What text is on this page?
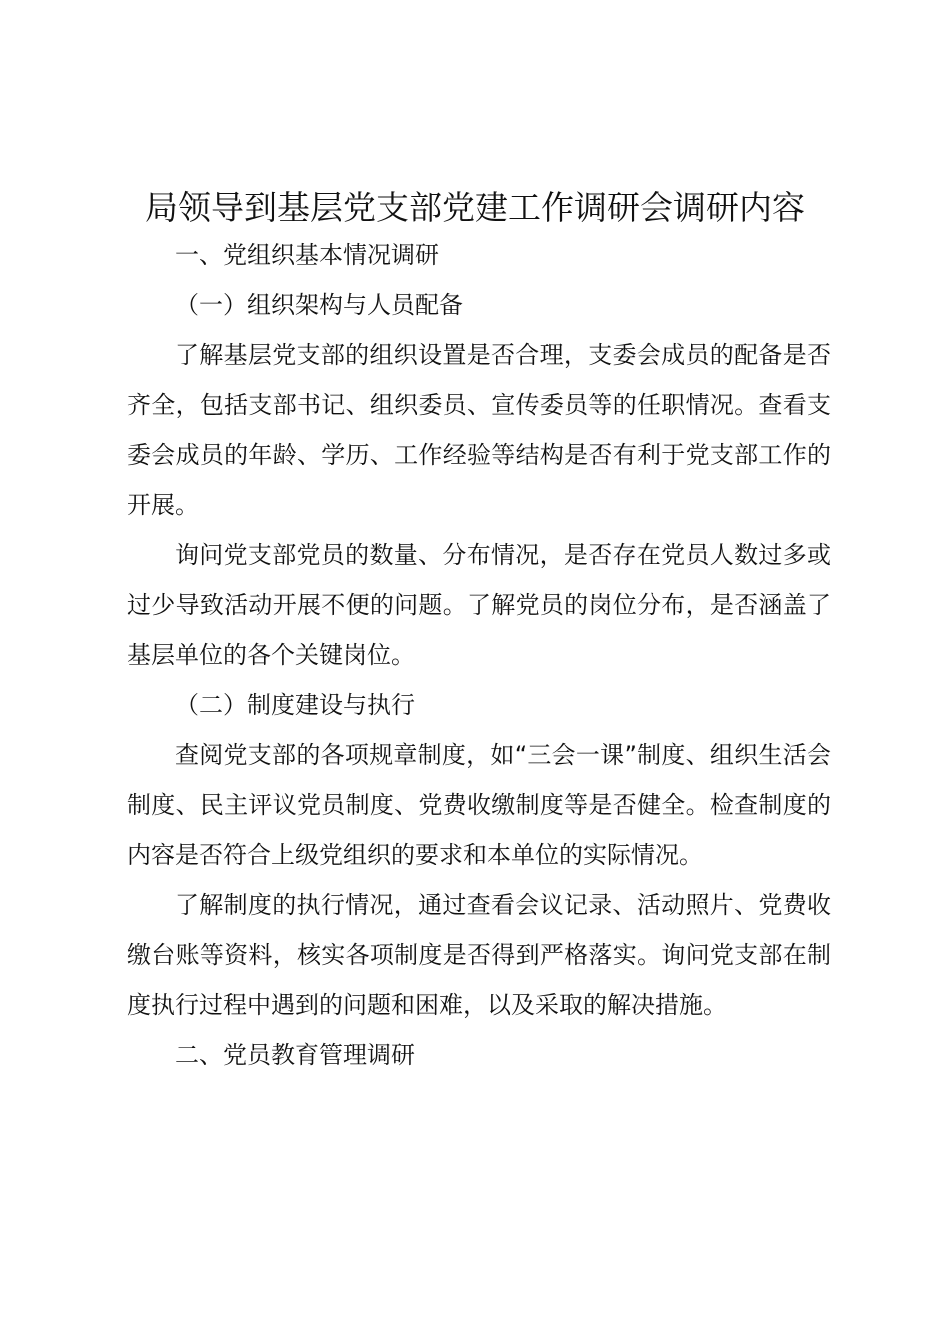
局领导到基层党支部党建工作调研会调研内容

一、党组织基本情况调研

（一）组织架构与人员配备

了解基层党支部的组织设置是否合理，支委会成员的配备是否齐全，包括支部书记、组织委员、宣传委员等的任职情况。查看支委会成员的年龄、学历、工作经验等结构是否有利于党支部工作的开展。

询问党支部党员的数量、分布情况，是否存在党员人数过多或过少导致活动开展不便的问题。了解党员的岗位分布，是否涵盖了基层单位的各个关键岗位。

（二）制度建设与执行

查阅党支部的各项规章制度，如“三会一课”制度、组织生活会制度、民主评议党员制度、党费收缴制度等是否健全。检查制度的内容是否符合上级党组织的要求和本单位的实际情况。

了解制度的执行情况，通过查看会议记录、活动照片、党费收缴台账等资料，核实各项制度是否得到严格落实。询问党支部在制度执行过程中遇到的问题和困难，以及采取的解决措施。

二、党员教育管理调研
